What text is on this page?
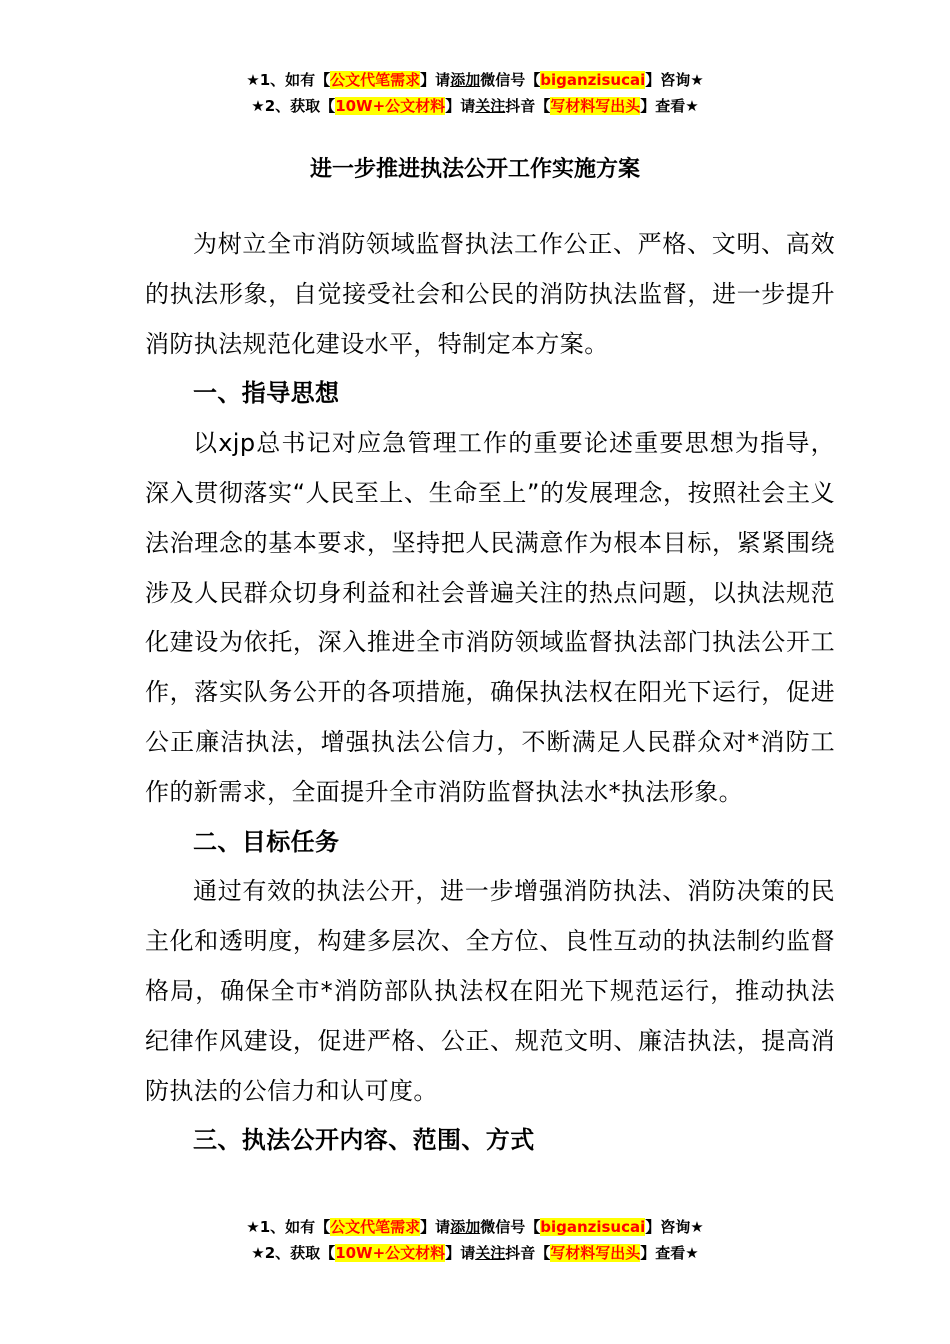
★1、如有【公文代笔需求】请添加微信号【biganzisucai】咨询★
★2、获取【10W+公文材料】请关注抖音【写材料写出头】查看★
进一步推进执法公开工作实施方案

为树立全市消防领域监督执法工作公正、严格、文明、高效的执法形象，自觉接受社会和公民的消防执法监督，进一步提升消防执法规范化建设水平，特制定本方案。

一、指导思想

以xjp总书记对应急管理工作的重要论述重要思想为指导，深入贯彻落实“人民至上、生命至上”的发展理念，按照社会主义法治理念的基本要求，坚持把人民满意作为根本目标，紧紧围绕涉及人民群众切身利益和社会普遍关注的热点问题，以执法规范化建设为依托，深入推进全市消防领域监督执法部门执法公开工作，落实队务公开的各项措施，确保执法权在阳光下运行，促进公正廉洁执法，增强执法公信力，不断满足人民群众对*消防工作的新需求，全面提升全市消防监督执法水*执法形象。

二、目标任务

通过有效的执法公开，进一步增强消防执法、消防决策的民主化和透明度，构建多层次、全方位、良性互动的执法制约监督格局，确保全市*消防部队执法权在阳光下规范运行，推动执法纪律作风建设，促进严格、公正、规范文明、廉洁执法，提高消防执法的公信力和认可度。

三、执法公开内容、范围、方式

★1、如有【公文代笔需求】请添加微信号【biganzisucai】咨询★
★2、获取【10W+公文材料】请关注抖音【写材料写出头】查看★
